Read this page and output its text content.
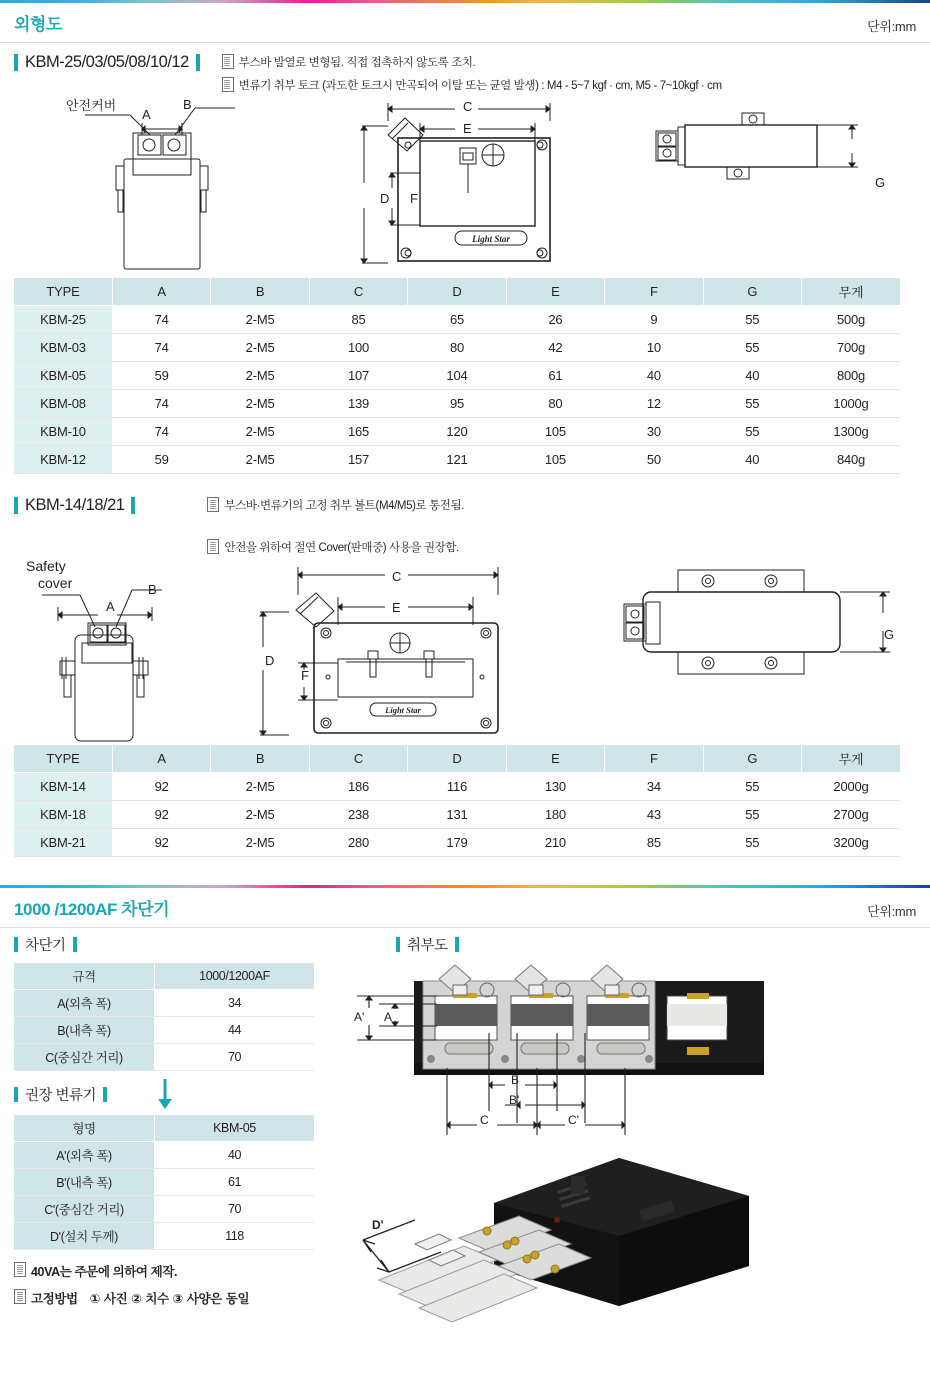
외형도	단위:mm
KBM-25/03/05/08/10/12	부스바 발열로 변형됨. 직접 접촉하지 않도록 조치.
변류기 취부 토크 (과도한 토크시 만곡되어 이탈 또는 균열 발생) : M4 - 5~7 kgf · cm, M5 - 7~10kgf · cm
안전커버
A
B	C
E
D F
Light Star
G
TYPE	A	B	C	D	E	F	G	무게
KBM-25	74	2-M5	85	65	26	9	55	500g
KBM-03	74	2-M5	100	80	42	10	55	700g
KBM-05	59	2-M5	107	104	61	40	40	800g
KBM-08	74	2-M5	139	95	80	12	55	1000g
KBM-10	74	2-M5	165	120	105	30	55	1300g
KBM-12	59	2-M5	157	121	105	50	40	840g
KBM-14/18/21	부스바·변류기의 고정 취부 볼트(M4/M5)로 통전됨.
안전을 위하여 절연 Cover(판매중) 사용을 권장함.
Safety
cover
A
B
D
C
E
F
Light Star
G
TYPE	A	B	C	D	E	F	G	무게
KBM-14	92	2-M5	186	116	130	34	55	2000g
KBM-18	92	2-M5	238	131	180	43	55	2700g
KBM-21	92	2-M5	280	179	210	85	55	3200g
1000 /1200AF 차단기	단위:mm
차단기
규격	1000/1200AF
A(외측 폭)	34
B(내측 폭)	44
C(중심간 거리)	70
권장 변류기
형명	KBM-05
A'(외측 폭)	40
B'(내측 폭)	61
C'(중심간 거리)	70
D'(설치 두께)	118
40VA는 주문에 의하여 제작.
고정방법　① 사진 ② 치수 ③ 사양은 동일
취부도
A' A
B
B'
C	C'
D'
